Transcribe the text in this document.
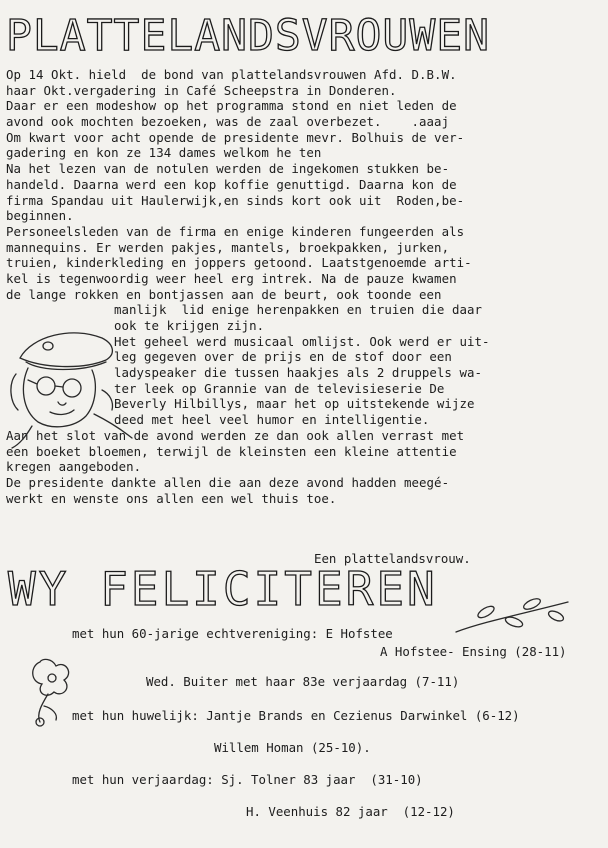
PLATTELANDSVROUWEN
Op 14 Okt. hield  de bond van plattelandsvrouwen Afd. D.B.W.
haar Okt.vergadering in Café Scheepstra in Donderen.
Daar er een modeshow op het programma stond en niet leden de
avond ook mochten bezoeken, was de zaal overbezet.    .aaaj
Om kwart voor acht opende de presidente mevr. Bolhuis de ver-
gadering en kon ze 134 dames welkom he ten
Na het lezen van de notulen werden de ingekomen stukken be-
handeld. Daarna werd een kop koffie genuttigd. Daarna kon de
firma Spandau uit Haulerwijk,en sinds kort ook uit  Roden,be-
beginnen.
Personeelsleden van de firma en enige kinderen fungeerden als
mannequins. Er werden pakjes, mantels, broekpakken, jurken,
truien, kinderkleding en joppers getoond. Laatstgenoemde arti-
kel is tegenwoordig weer heel erg intrek. Na de pauze kwamen
de lange rokken en bontjassen aan de beurt, ook toonde een
manlijk  lid enige herenpakken en truien die daar
ook te krijgen zijn.
Het geheel werd musicaal omlijst. Ook werd er uit-
leg gegeven over de prijs en de stof door een
ladyspeaker die tussen haakjes als 2 druppels wa-
ter leek op Grannie van de televisieserie De
Beverly Hilbillys, maar het op uitstekende wijze
deed met heel veel humor en intelligentie.
Aan het slot van de avond werden ze dan ook allen verrast met
een boeket bloemen, terwijl de kleinsten een kleine attentie
kregen aangeboden.
De presidente dankte allen die aan deze avond hadden meegé-
werkt en wenste ons allen een wel thuis toe.
Een plattelandsvrouw.
WY FELICITEREN
met hun 60-jarige echtvereniging: E Hofstee
A Hofstee- Ensing (28-11)
Wed. Buiter met haar 83e verjaardag (7-11)
met hun huwelijk: Jantje Brands en Cezienus Darwinkel (6-12)
Willem Homan (25-10).
met hun verjaardag: Sj. Tolner 83 jaar  (31-10)
H. Veenhuis 82 jaar  (12-12)
